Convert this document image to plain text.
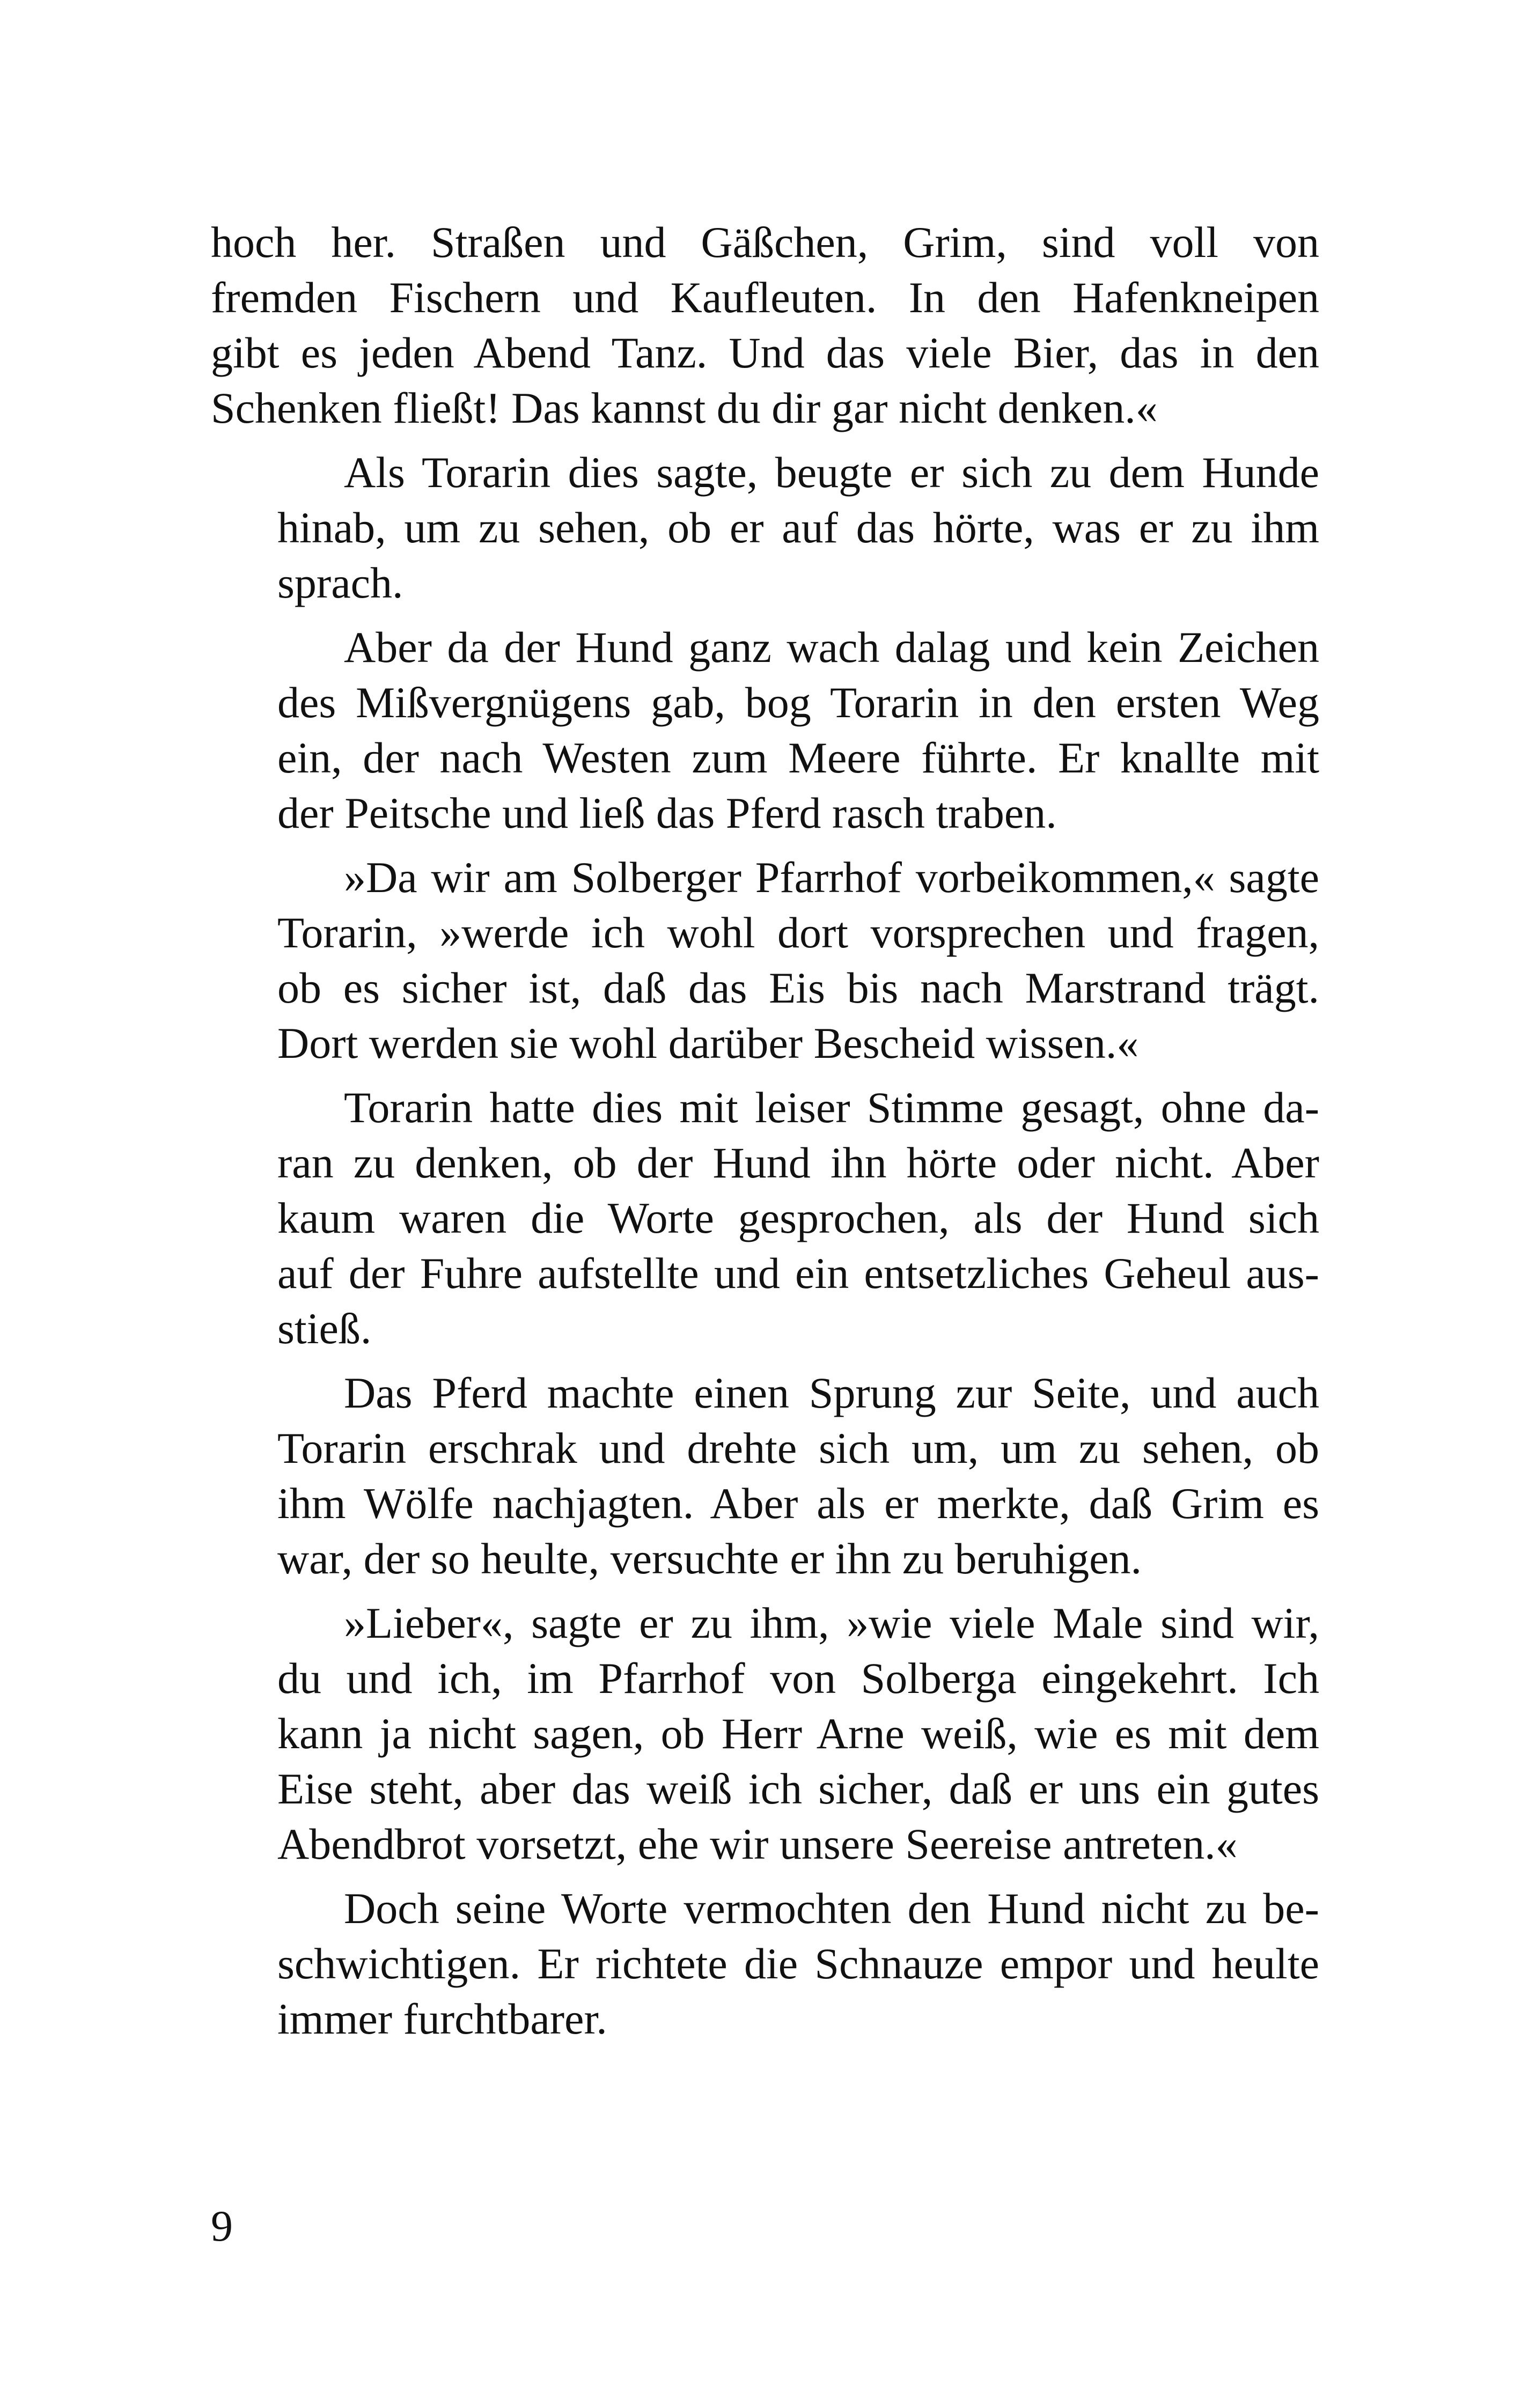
hoch her. Straßen und Gäßchen, Grim, sind voll von
fremden Fischern und Kaufleuten. In den Hafenkneipen
gibt es jeden Abend Tanz. Und das viele Bier, das in den
Schenken fließt! Das kannst du dir gar nicht denken.«

Als Torarin dies sagte, beugte er sich zu dem Hunde
hinab, um zu sehen, ob er auf das hörte, was er zu ihm
sprach.

Aber da der Hund ganz wach dalag und kein Zeichen
des Mißvergnügens gab, bog Torarin in den ersten Weg
ein, der nach Westen zum Meere führte. Er knallte mit
der Peitsche und ließ das Pferd rasch traben.

»Da wir am Solberger Pfarrhof vorbeikommen,« sagte
Torarin, »werde ich wohl dort vorsprechen und fragen,
ob es sicher ist, daß das Eis bis nach Marstrand trägt.
Dort werden sie wohl darüber Bescheid wissen.«

Torarin hatte dies mit leiser Stimme gesagt, ohne da-
ran zu denken, ob der Hund ihn hörte oder nicht. Aber
kaum waren die Worte gesprochen, als der Hund sich
auf der Fuhre aufstellte und ein entsetzliches Geheul aus-
stieß.

Das Pferd machte einen Sprung zur Seite, und auch
Torarin erschrak und drehte sich um, um zu sehen, ob
ihm Wölfe nachjagten. Aber als er merkte, daß Grim es
war, der so heulte, versuchte er ihn zu beruhigen.

»Lieber«, sagte er zu ihm, »wie viele Male sind wir,
du und ich, im Pfarrhof von Solberga eingekehrt. Ich
kann ja nicht sagen, ob Herr Arne weiß, wie es mit dem
Eise steht, aber das weiß ich sicher, daß er uns ein gutes
Abendbrot vorsetzt, ehe wir unsere Seereise antreten.«

Doch seine Worte vermochten den Hund nicht zu be-
schwichtigen. Er richtete die Schnauze empor und heulte
immer furchtbarer.

9
